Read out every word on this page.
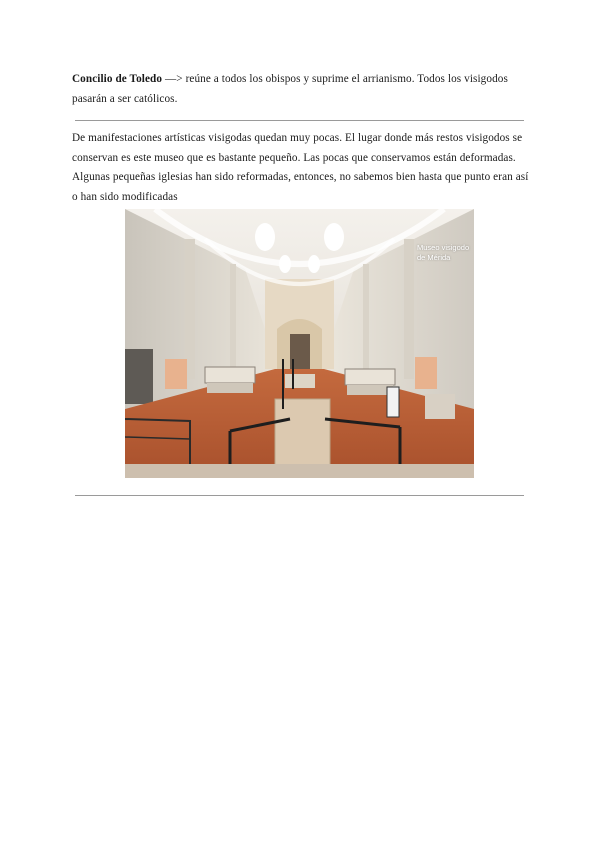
Concilio de Toledo —> reúne a todos los obispos y suprime el arrianismo. Todos los visigodos pasarán a ser católicos.

De manifestaciones artísticas visigodas quedan muy pocas. El lugar donde más restos visigodos se conservan es este museo que es bastante pequeño. Las pocas que conservamos están deformadas. Algunas pequeñas iglesias han sido reformadas, entonces, no sabemos bien hasta que punto eran así o han sido modificadas

Museo visigodo de Mérida
